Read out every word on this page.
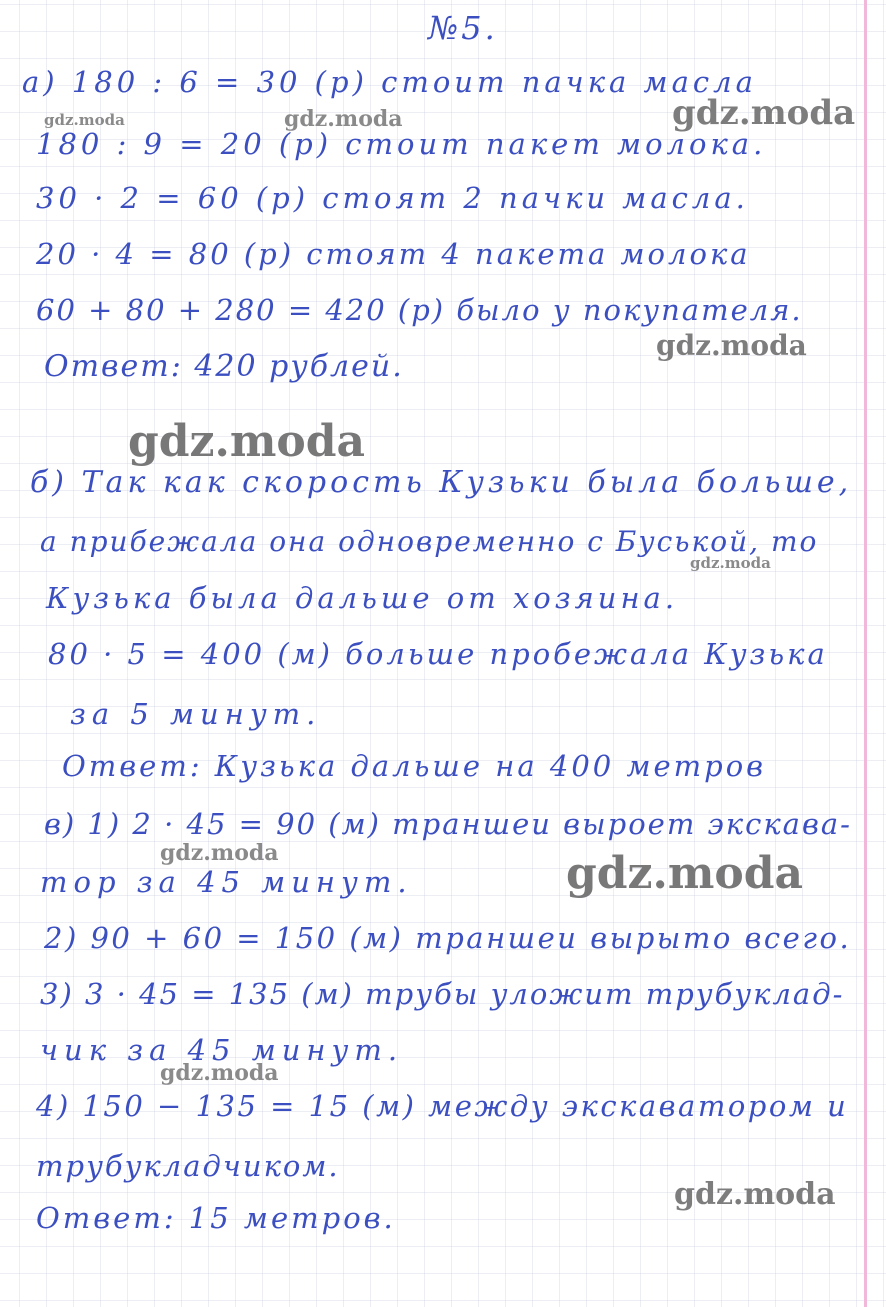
№5.
а) 180 : 6 = 30 (р) стоит пачка масла
180 : 9 = 20 (р) стоит пакет молока.
30 · 2 = 60 (р) стоят 2 пачки масла.
20 · 4 = 80 (р) стоят 4 пакета молока
60 + 80 + 280 = 420 (р) было у покупателя.
Ответ: 420 рублей.
б) Так как скорость Кузьки была больше,
а прибежала она одновременно с Буськой, то
Кузька была дальше от хозяина.
80 · 5 = 400 (м) больше пробежала Кузька
за 5 минут.
Ответ: Кузька дальше на 400 метров
в) 1) 2 · 45 = 90 (м) траншеи выроет экскава-
тор за 45 минут.
2) 90 + 60 = 150 (м) траншеи вырыто всего.
3) 3 · 45 = 135 (м) трубы уложит трубуклад-
чик за 45 минут.
4) 150 − 135 = 15 (м) между экскаватором и
трубукладчиком.
Ответ: 15 метров.
gdz.moda	gdz.moda	gdz.moda
gdz.moda
gdz.moda
gdz.moda
gdz.moda	gdz.moda
gdz.moda
gdz.moda
